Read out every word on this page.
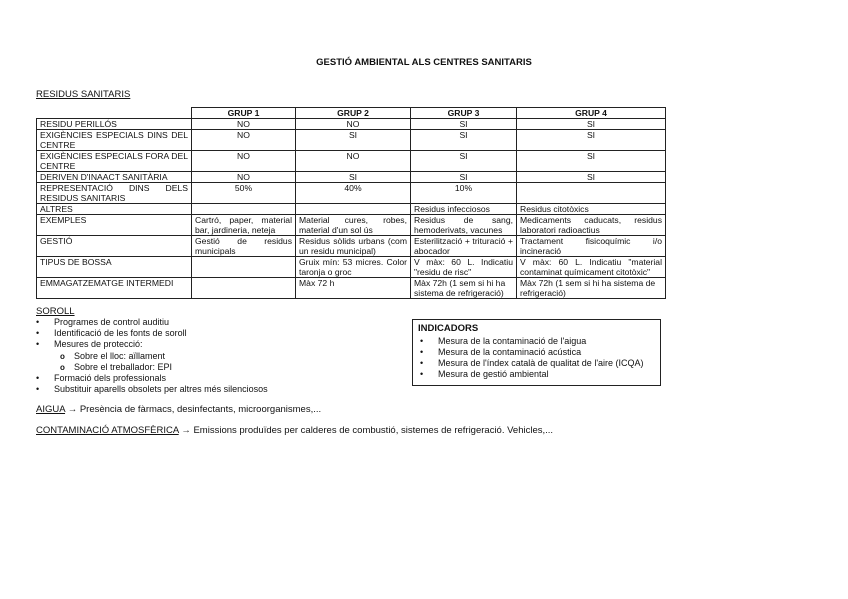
GESTIÓ AMBIENTAL ALS CENTRES SANITARIS
RESIDUS SANITARIS
	GRUP 1	GRUP 2	GRUP 3	GRUP 4
RESIDU PERILLÓS	NO	NO	SI	SI
EXIGÈNCIES ESPECIALS DINS DEL CENTRE	NO	SI	SI	SI
EXIGÈNCIES ESPECIALS FORA DEL CENTRE	NO	NO	SI	SI
DERIVEN D'INAACT SANITÀRIA	NO	SI	SI	SI
REPRESENTACIÓ DINS DELS RESIDUS SANITARIS	50%	40%	10%	
ALTRES			Residus infecciosos	Residus citotòxics
EXEMPLES	Cartró, paper, material bar, jardineria, neteja	Material cures, robes, material d'un sol ús	Residus de sang, hemoderivats, vacunes	Medicaments caducats, residus laboratori radioactius
GESTIÓ	Gestió de residus municipals	Residus sòlids urbans (com un residu municipal)	Esterilització + trituració + abocador	Tractament fisicoquímic i/o incineració
TIPUS DE BOSSA		Gruix mín: 53 micres. Color taronja o groc	V màx: 60 L. Indicatiu "residu de risc"	V màx: 60 L. Indicatiu "material contaminat químicament citotòxic"
EMMAGATZEMATGE INTERMEDI		Màx 72 h	Màx 72h (1 sem si hi ha sistema de refrigeració)	Màx 72h (1 sem si hi ha sistema de refrigeració)
SOROLL
• Programes de control auditiu
• Identificació de les fonts de soroll
• Mesures de protecció:
o Sobre el lloc: aïllament
o Sobre el treballador: EPI
• Formació dels professionals
• Substituir aparells obsolets per altres més silenciosos
INDICADORS
• Mesura de la contaminació de l'aigua
• Mesura de la contaminació acústica
• Mesura de l'índex català de qualitat de l'aire (ICQA)
• Mesura de gestió ambiental
AIGUA → Presència de fàrmacs, desinfectants, microorganismes,...
CONTAMINACIÓ ATMOSFÈRICA → Emissions produïdes per calderes de combustió, sistemes de refrigeració. Vehicles,...
